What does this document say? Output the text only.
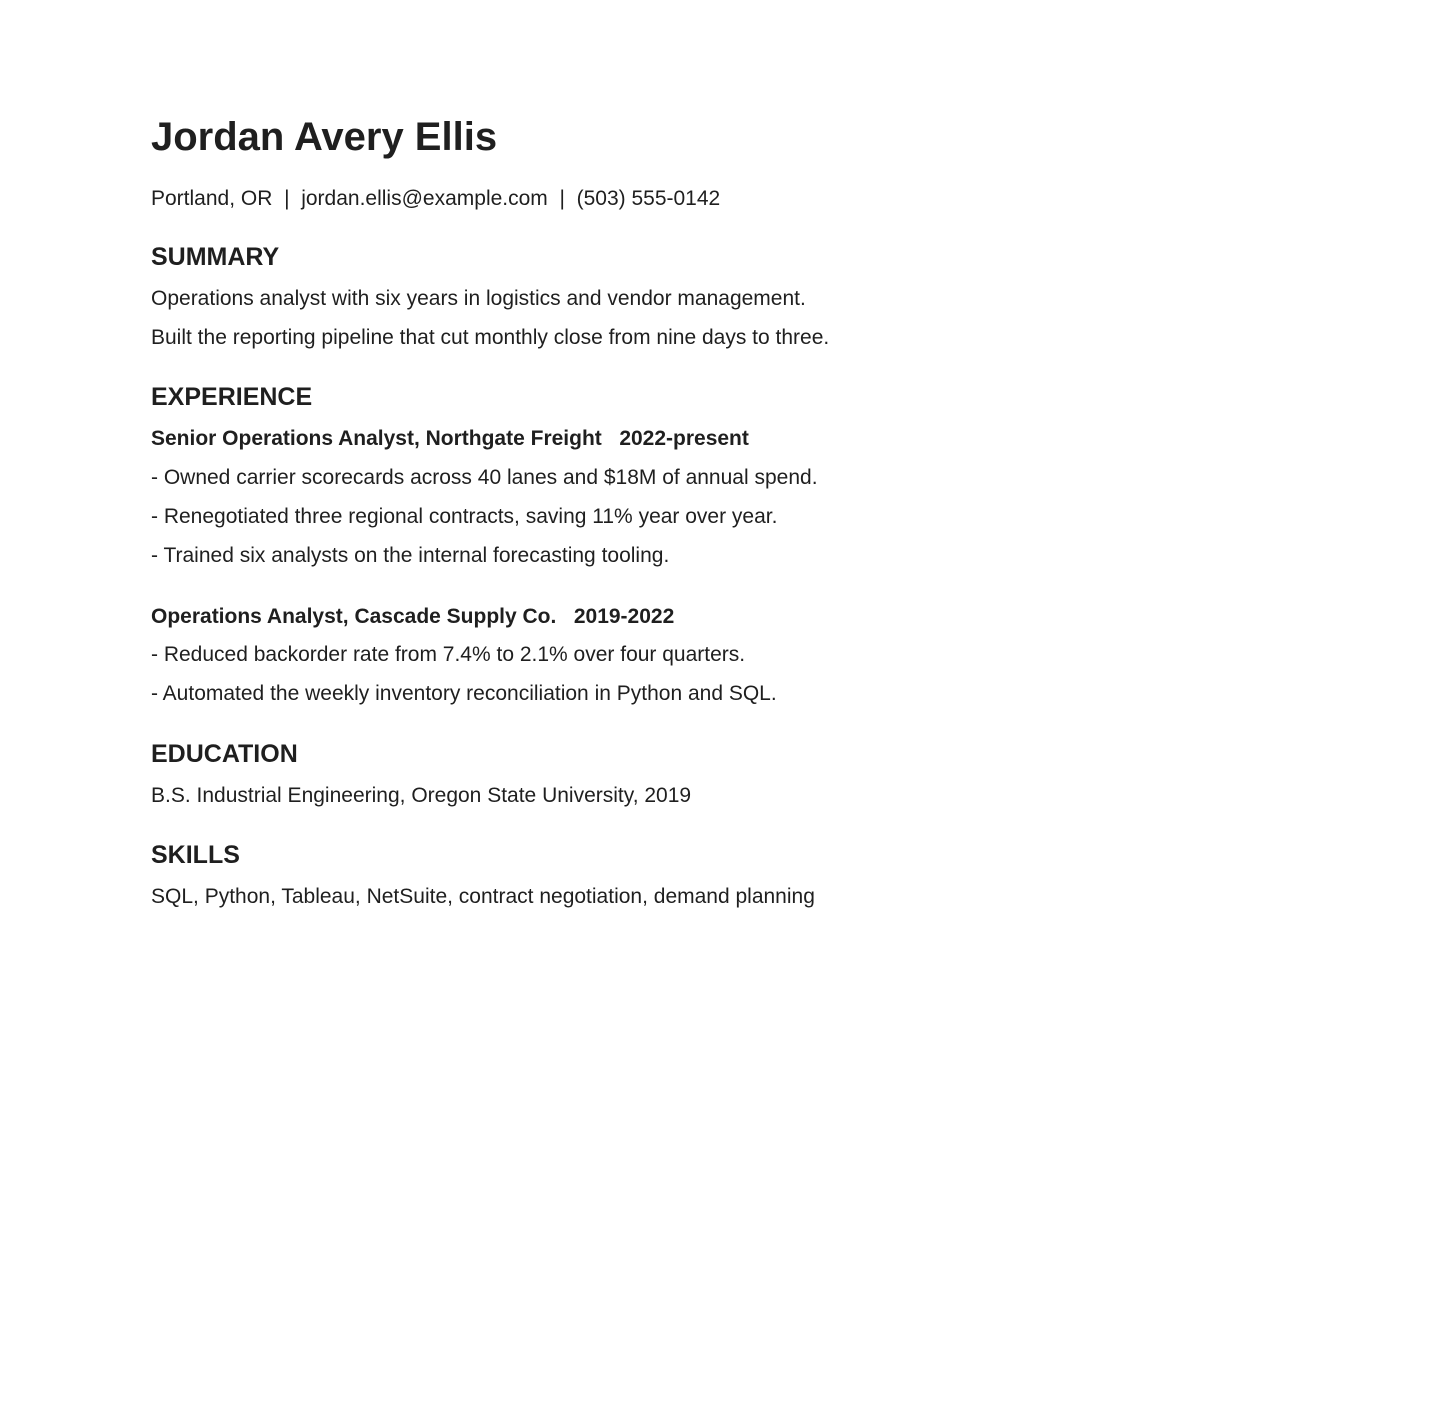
Jordan Avery Ellis
Portland, OR | jordan.ellis@example.com | (503) 555-0142
SUMMARY
Operations analyst with six years in logistics and vendor management.
Built the reporting pipeline that cut monthly close from nine days to three.
EXPERIENCE
Senior Operations Analyst, Northgate Freight 2022-present
- Owned carrier scorecards across 40 lanes and $18M of annual spend.
- Renegotiated three regional contracts, saving 11% year over year.
- Trained six analysts on the internal forecasting tooling.
Operations Analyst, Cascade Supply Co. 2019-2022
- Reduced backorder rate from 7.4% to 2.1% over four quarters.
- Automated the weekly inventory reconciliation in Python and SQL.
EDUCATION
B.S. Industrial Engineering, Oregon State University, 2019
SKILLS
SQL, Python, Tableau, NetSuite, contract negotiation, demand planning
